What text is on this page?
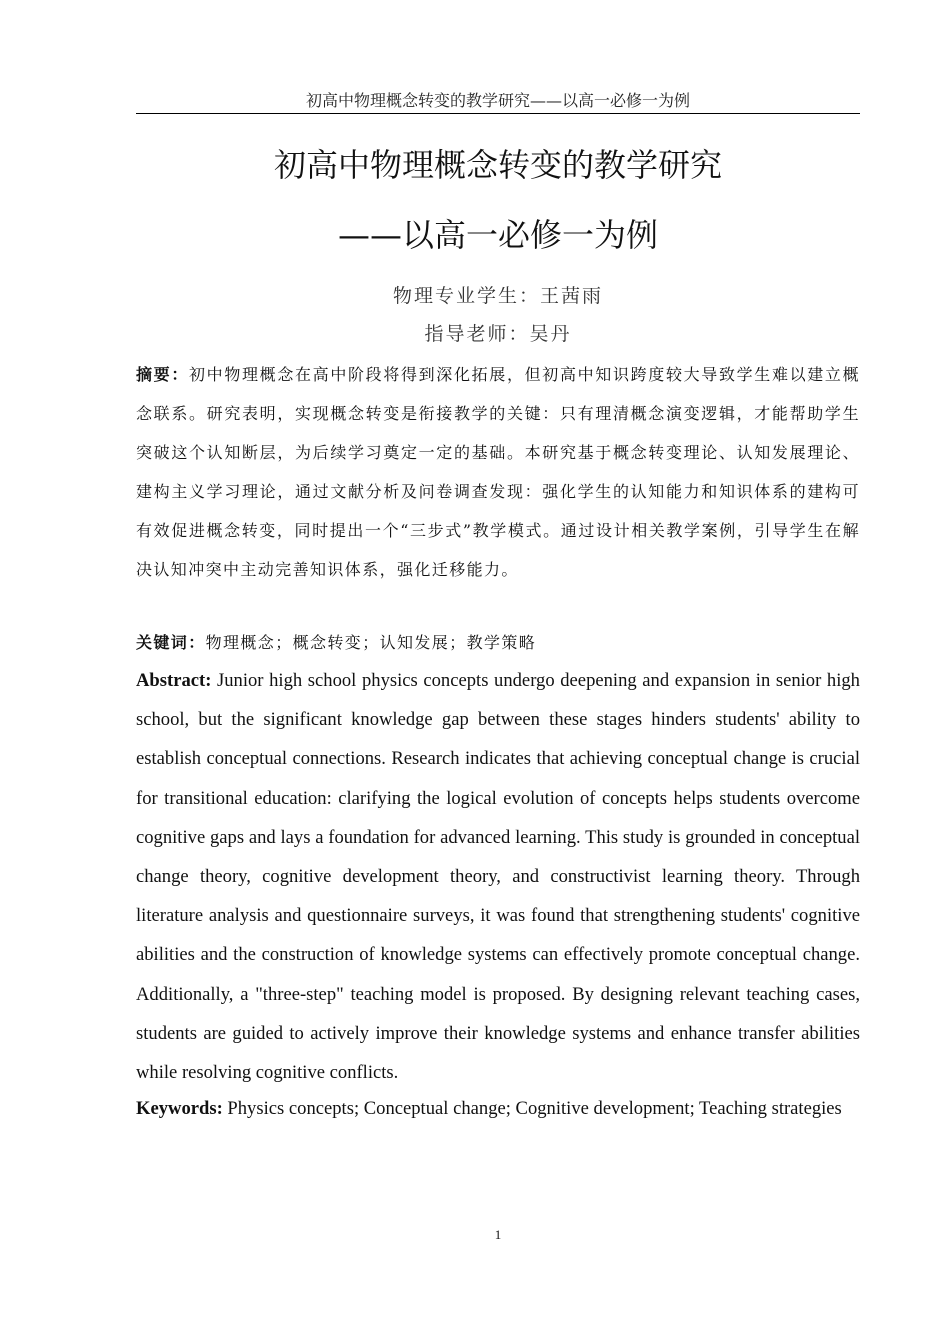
初高中物理概念转变的教学研究——以高一必修一为例
初高中物理概念转变的教学研究
——以高一必修一为例
物理专业学生：王茜雨
指导老师：吴丹
摘要：初中物理概念在高中阶段将得到深化拓展，但初高中知识跨度较大导致学生难以建立概念联系。研究表明，实现概念转变是衔接教学的关键：只有理清概念演变逻辑，才能帮助学生突破这个认知断层，为后续学习奠定一定的基础。本研究基于概念转变理论、认知发展理论、建构主义学习理论，通过文献分析及问卷调查发现：强化学生的认知能力和知识体系的建构可有效促进概念转变，同时提出一个“三步式”教学模式。通过设计相关教学案例，引导学生在解决认知冲突中主动完善知识体系，强化迁移能力。
关键词：物理概念；概念转变；认知发展；教学策略
Abstract: Junior high school physics concepts undergo deepening and expansion in senior high school, but the significant knowledge gap between these stages hinders students' ability to establish conceptual connections. Research indicates that achieving conceptual change is crucial for transitional education: clarifying the logical evolution of concepts helps students overcome cognitive gaps and lays a foundation for advanced learning. This study is grounded in conceptual change theory, cognitive development theory, and constructivist learning theory. Through literature analysis and questionnaire surveys, it was found that strengthening students' cognitive abilities and the construction of knowledge systems can effectively promote conceptual change. Additionally, a "three-step" teaching model is proposed. By designing relevant teaching cases, students are guided to actively improve their knowledge systems and enhance transfer abilities while resolving cognitive conflicts.
Keywords: Physics concepts; Conceptual change; Cognitive development; Teaching strategies
1
